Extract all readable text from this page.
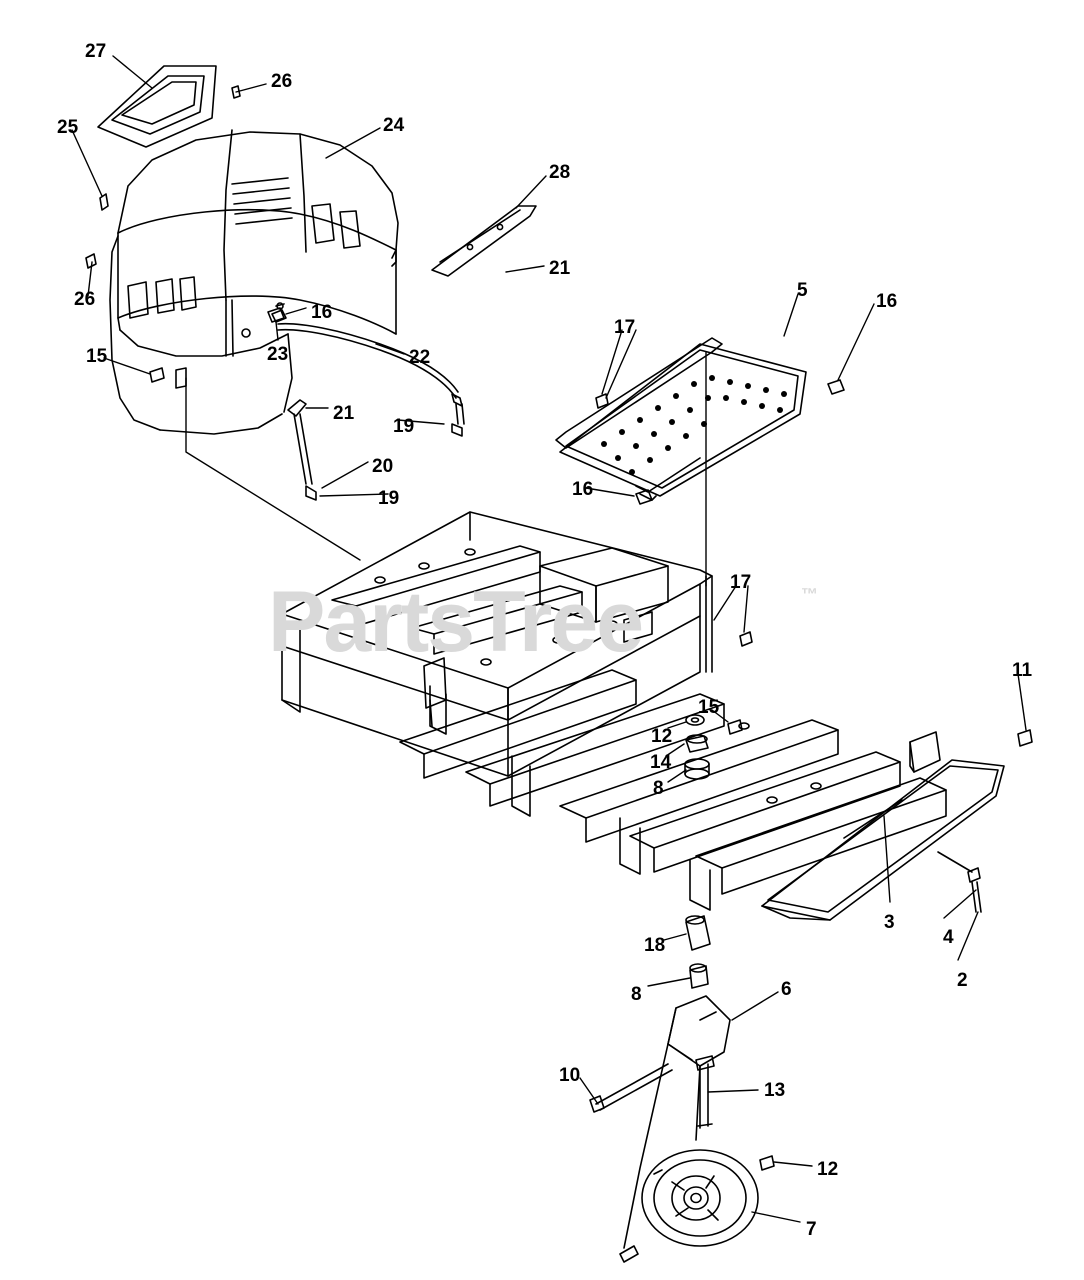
PartsTree	™
27
26
24
25
28
21
26	5
16
16
17
23	22
15
21
19
16
20
19
17
11
15
12
14
8
3
4
18
2
8	6
10
13
12
7
